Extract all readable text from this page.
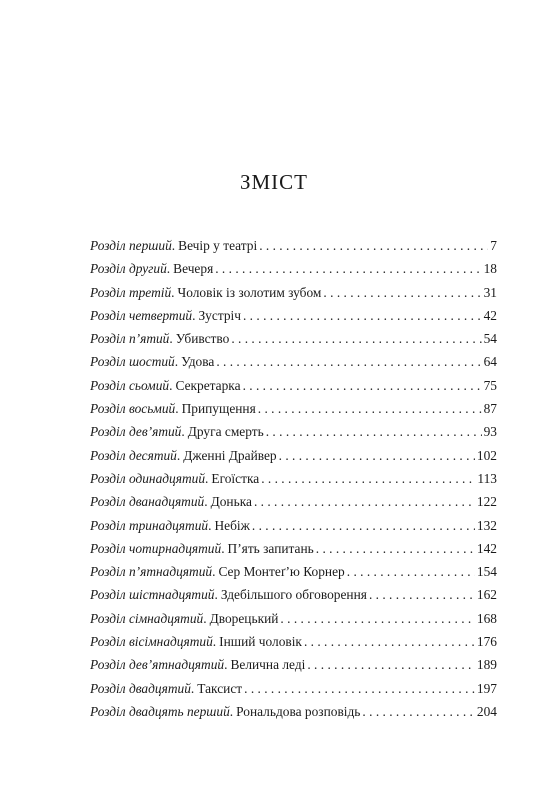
ЗМІСТ
Розділ перший . Вечір у театрі . . .	7
Розділ другий . Вечеря . . .	18
Розділ третій . Чоловік із золотим зубом . . .	31
Розділ четвертий . Зустріч . . .	42
Розділ п’ятий . Убивство . . .	54
Розділ шостий . Удова . . .	64
Розділ сьомий . Секретарка . . .	75
Розділ восьмий . Припущення . . .	87
Розділ дев’ятий . Друга смерть . . .	93
Розділ десятий . Дженні Драйвер . . .	102
Розділ одинадцятий . Егоїстка . . .	113
Розділ дванадцятий . Донька . . .	122
Розділ тринадцятий . Небіж . . .	132
Розділ чотирнадцятий . П’ять запитань . . .	142
Розділ п’ятнадцятий . Сер Монтеґ’ю Корнер . . .	154
Розділ шістнадцятий . Здебільшого обговорення . . .	162
Розділ сімнадцятий . Дворецький . . .	168
Розділ вісімнадцятий . Інший чоловік . . .	176
Розділ дев’ятнадцятий . Велична леді . . .	189
Розділ двадцятий . Таксист . . .	197
Розділ двадцять перший . Рональдова розповідь . . .	204
